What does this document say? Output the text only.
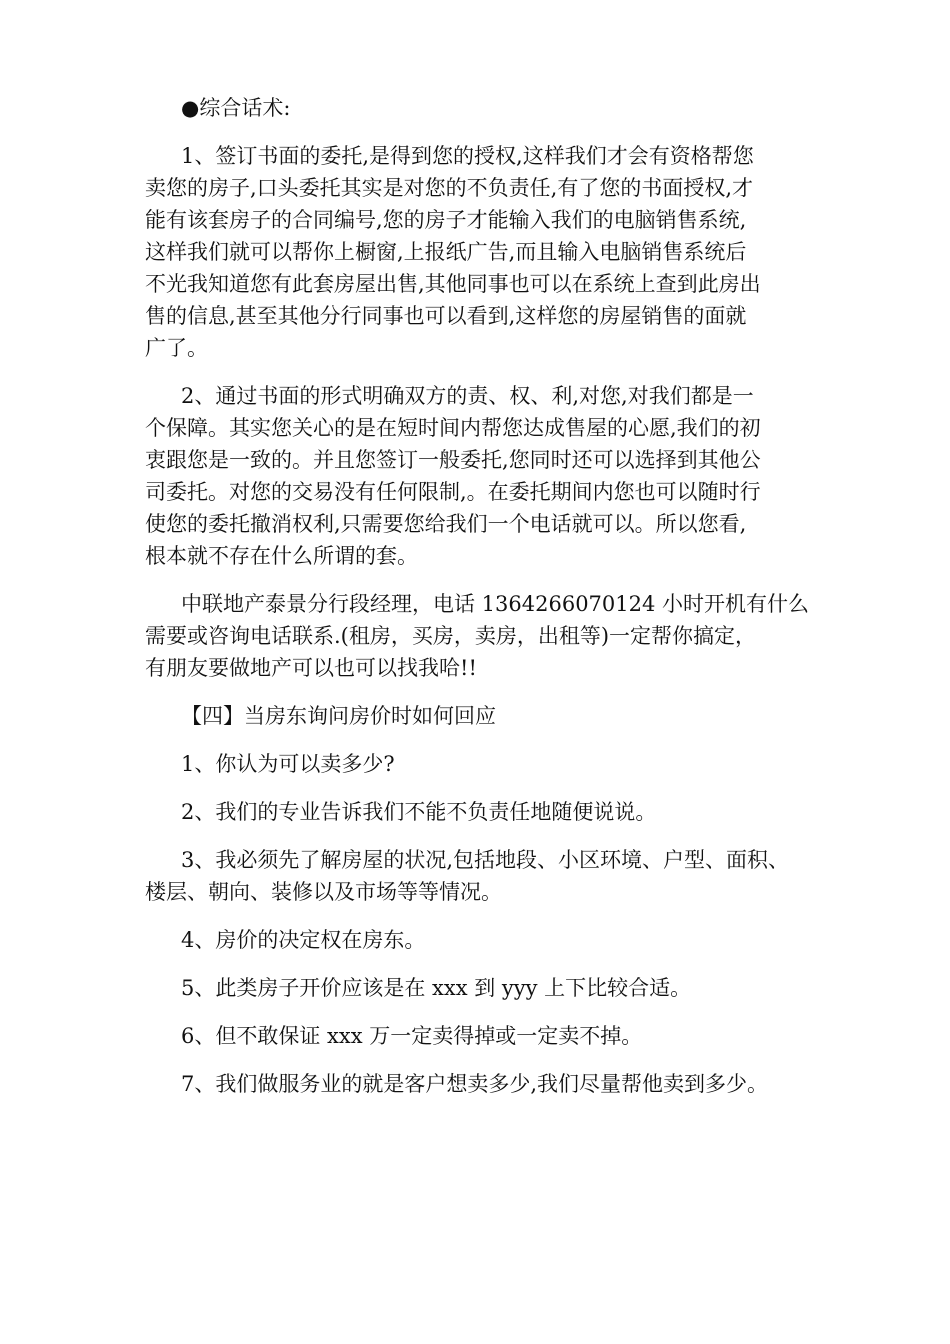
●综合话术:

1、签订书面的委托,是得到您的授权,这样我们才会有资格帮您
卖您的房子,口头委托其实是对您的不负责任,有了您的书面授权,才
能有该套房子的合同编号,您的房子才能输入我们的电脑销售系统,
这样我们就可以帮你上橱窗,上报纸广告,而且输入电脑销售系统后
不光我知道您有此套房屋出售,其他同事也可以在系统上查到此房出
售的信息,甚至其他分行同事也可以看到,这样您的房屋销售的面就
广了。

2、通过书面的形式明确双方的责、权、利,对您,对我们都是一
个保障。其实您关心的是在短时间内帮您达成售屋的心愿,我们的初
衷跟您是一致的。并且您签订一般委托,您同时还可以选择到其他公
司委托。对您的交易没有任何限制,。在委托期间内您也可以随时行
使您的委托撤消权利,只需要您给我们一个电话就可以。所以您看,
根本就不存在什么所谓的套。

中联地产泰景分行段经理，电话 1364266070124 小时开机有什么
需要或咨询电话联系.(租房，买房，卖房，出租等)一定帮你搞定，
有朋友要做地产可以也可以找我哈!!

【四】当房东询问房价时如何回应

1、你认为可以卖多少?

2、我们的专业告诉我们不能不负责任地随便说说。

3、我必须先了解房屋的状况,包括地段、小区环境、户型、面积、
楼层、朝向、装修以及市场等等情况。

4、房价的决定权在房东。

5、此类房子开价应该是在 xxx 到 yyy 上下比较合适。

6、但不敢保证 xxx 万一定卖得掉或一定卖不掉。

7、我们做服务业的就是客户想卖多少,我们尽量帮他卖到多少。
